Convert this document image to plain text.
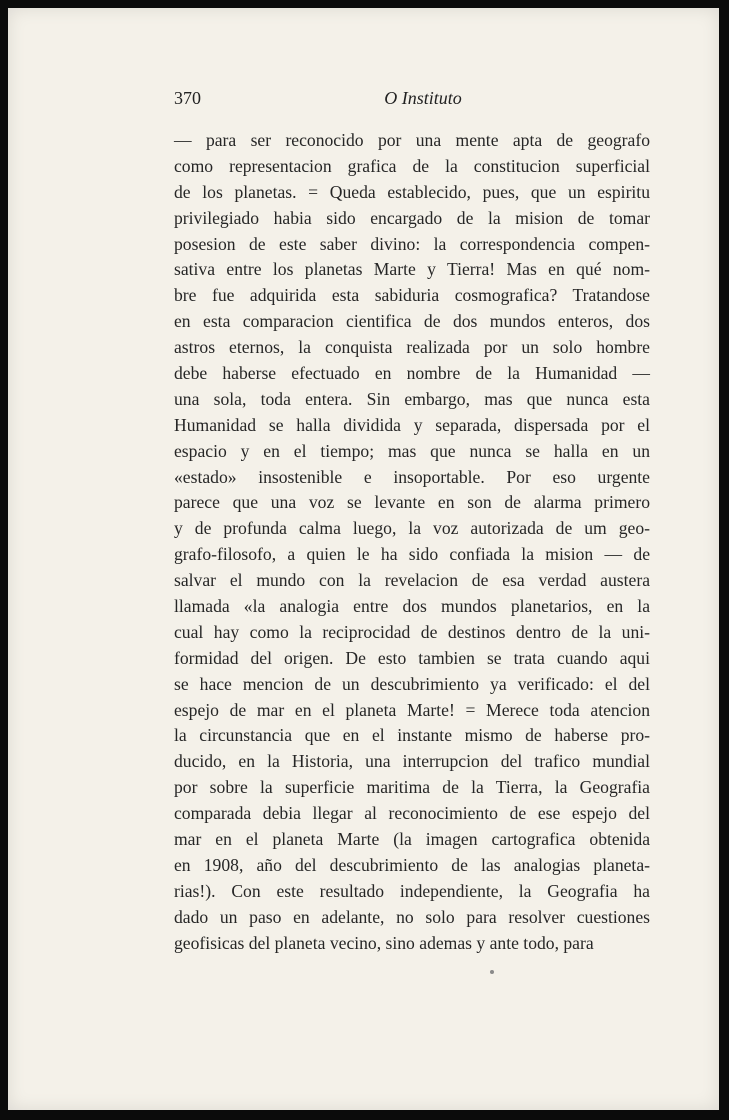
370	O Instituto
— para ser reconocido por una mente apta de geografo
como representacion grafica de la constitucion superficial
de los planetas. = Queda establecido, pues, que un espiritu
privilegiado habia sido encargado de la mision de tomar
posesion de este saber divino: la correspondencia compen-
sativa entre los planetas Marte y Tierra! Mas en qué nom-
bre fue adquirida esta sabiduria cosmografica? Tratandose
en esta comparacion cientifica de dos mundos enteros, dos
astros eternos, la conquista realizada por un solo hombre
debe haberse efectuado en nombre de la Humanidad —
una sola, toda entera. Sin embargo, mas que nunca esta
Humanidad se halla dividida y separada, dispersada por el
espacio y en el tiempo; mas que nunca se halla en un
«estado» insostenible e insoportable. Por eso urgente
parece que una voz se levante en son de alarma primero
y de profunda calma luego, la voz autorizada de um geo-
grafo-filosofo, a quien le ha sido confiada la mision — de
salvar el mundo con la revelacion de esa verdad austera
llamada «la analogia entre dos mundos planetarios, en la
cual hay como la reciprocidad de destinos dentro de la uni-
formidad del origen. De esto tambien se trata cuando aqui
se hace mencion de un descubrimiento ya verificado: el del
espejo de mar en el planeta Marte! = Merece toda atencion
la circunstancia que en el instante mismo de haberse pro-
ducido, en la Historia, una interrupcion del trafico mundial
por sobre la superficie maritima de la Tierra, la Geografia
comparada debia llegar al reconocimiento de ese espejo del
mar en el planeta Marte (la imagen cartografica obtenida
en 1908, año del descubrimiento de las analogias planeta-
rias!). Con este resultado independiente, la Geografia ha
dado un paso en adelante, no solo para resolver cuestiones
geofisicas del planeta vecino, sino ademas y ante todo, para
